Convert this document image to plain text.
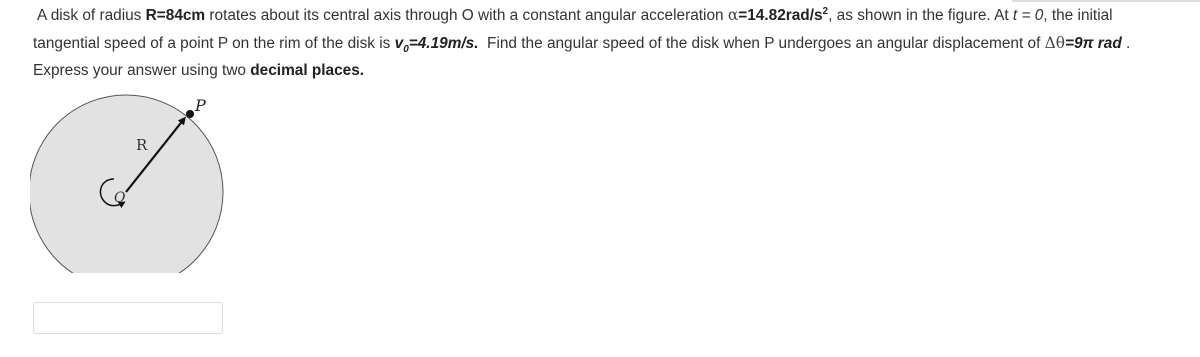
A disk of radius R=84cm rotates about its central axis through O with a constant angular acceleration $\alpha=14.82rad/s^2$, as shown in the figure. At t = 0, the initial
tangential speed of a point P on the rim of the disk is $v_0=4.19m/s$.  Find the angular speed of the disk when P undergoes an angular displacement of Δθ=9π rad .
Express your answer using two decimal places.
P
R
O
